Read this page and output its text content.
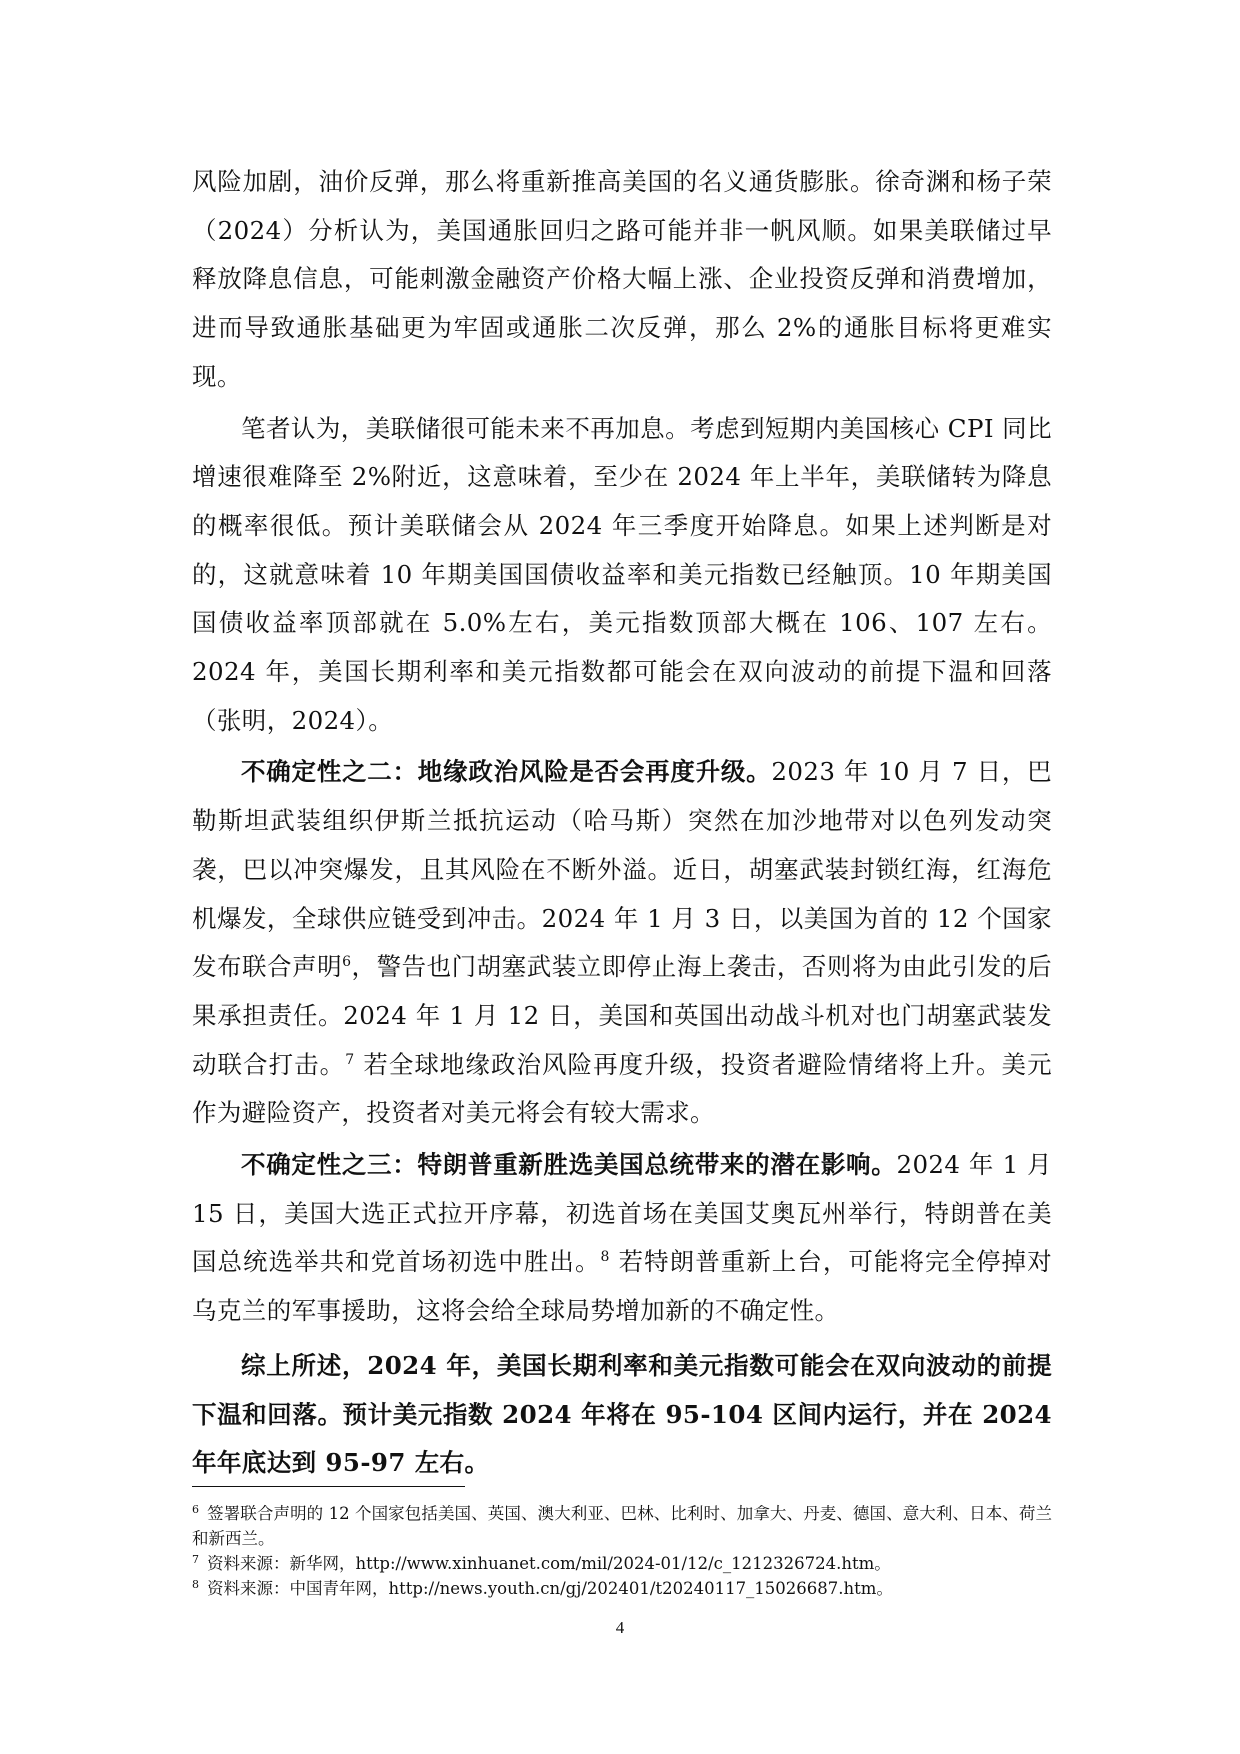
风险加剧，油价反弹，那么将重新推高美国的名义通货膨胀。徐奇渊和杨子荣（2024）分析认为，美国通胀回归之路可能并非一帆风顺。如果美联储过早释放降息信息，可能刺激金融资产价格大幅上涨、企业投资反弹和消费增加，进而导致通胀基础更为牢固或通胀二次反弹，那么 2%的通胀目标将更难实现。

笔者认为，美联储很可能未来不再加息。考虑到短期内美国核心 CPI 同比增速很难降至 2%附近，这意味着，至少在 2024 年上半年，美联储转为降息的概率很低。预计美联储会从 2024 年三季度开始降息。如果上述判断是对的，这就意味着 10 年期美国国债收益率和美元指数已经触顶。10 年期美国国债收益率顶部就在 5.0%左右，美元指数顶部大概在 106、107 左右。2024 年，美国长期利率和美元指数都可能会在双向波动的前提下温和回落（张明，2024）。

不确定性之二：地缘政治风险是否会再度升级。2023 年 10 月 7 日，巴勒斯坦武装组织伊斯兰抵抗运动（哈马斯）突然在加沙地带对以色列发动突袭，巴以冲突爆发，且其风险在不断外溢。近日，胡塞武装封锁红海，红海危机爆发，全球供应链受到冲击。2024 年 1 月 3 日，以美国为首的 12 个国家发布联合声明$^6$，警告也门胡塞武装立即停止海上袭击，否则将为由此引发的后果承担责任。2024 年 1 月 12 日，美国和英国出动战斗机对也门胡塞武装发动联合打击。$^7$ 若全球地缘政治风险再度升级，投资者避险情绪将上升。美元作为避险资产，投资者对美元将会有较大需求。

不确定性之三：特朗普重新胜选美国总统带来的潜在影响。2024 年 1 月 15 日，美国大选正式拉开序幕，初选首场在美国艾奥瓦州举行，特朗普在美国总统选举共和党首场初选中胜出。$^8$ 若特朗普重新上台，可能将完全停掉对乌克兰的军事援助，这将会给全球局势增加新的不确定性。

综上所述，2024 年，美国长期利率和美元指数可能会在双向波动的前提下温和回落。预计美元指数 2024 年将在 95-104 区间内运行，并在 2024 年年底达到 95-97 左右。

$^6$ 签署联合声明的 12 个国家包括美国、英国、澳大利亚、巴林、比利时、加拿大、丹麦、德国、意大利、日本、荷兰和新西兰。

$^7$ 资料来源：新华网，http://www.xinhuanet.com/mil/2024-01/12/c_1212326724.htm。

$^8$ 资料来源：中国青年网，http://news.youth.cn/gj/202401/t20240117_15026687.htm。

4
